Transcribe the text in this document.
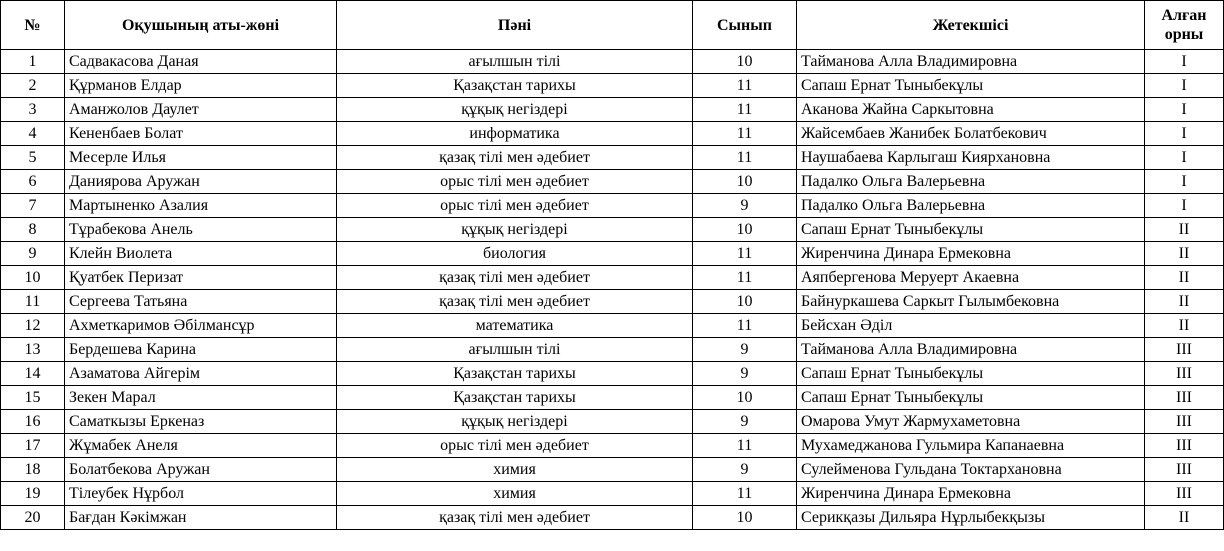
№	Оқушының аты-жөні	Пәні	Сынып	Жетекшісі	Алған орны
1	Садвакасова Даная	ағылшын тілі	10	Тайманова Алла Владимировна	I
2	Құрманов Елдар	Қазақстан тарихы	11	Сапаш Ернат Тыныбекұлы	I
3	Аманжолов Даулет	құқық негіздері	11	Аканова Жайна Саркытовна	I
4	Кененбаев Болат	информатика	11	Жайсембаев Жанибек Болатбекович	I
5	Месерле Илья	қазақ тілі мен әдебиет	11	Наушабаева Карлыгаш Киярхановна	I
6	Даниярова Аружан	орыс тілі мен әдебиет	10	Падалко Ольга Валерьевна	I
7	Мартыненко Азалия	орыс тілі мен әдебиет	9	Падалко Ольга Валерьевна	I
8	Тұрабекова Анель	құқық негіздері	10	Сапаш Ернат Тыныбекұлы	II
9	Клейн Виолета	биология	11	Жиренчина Динара Ермековна	II
10	Қуатбек Перизат	қазақ тілі мен әдебиет	11	Аяпбергенова Меруерт Акаевна	II
11	Сергеева Татьяна	қазақ тілі мен әдебиет	10	Байнуркашева Саркыт Гылымбековна	II
12	Ахметкаримов Әбілмансұр	математика	11	Бейсхан Әділ	II
13	Бердешева Карина	ағылшын тілі	9	Тайманова Алла Владимировна	III
14	Азаматова Айгерім	Қазақстан тарихы	9	Сапаш Ернат Тыныбекұлы	III
15	Зекен Марал	Қазақстан тарихы	10	Сапаш Ернат Тыныбекұлы	III
16	Саматкызы Еркеназ	құқық негіздері	9	Омарова Умут Жармухаметовна	III
17	Жұмабек Анеля	орыс тілі мен әдебиет	11	Мухамеджанова Гульмира Капанаевна	III
18	Болатбекова Аружан	химия	9	Сулейменова Гульдана Токтархановна	III
19	Тілеубек Нұрбол	химия	11	Жиренчина Динара Ермековна	III
20	Бағдан Кәкімжан	қазақ тілі мен әдебиет	10	Серикқазы Дильяра Нұрлыбекқызы	II
